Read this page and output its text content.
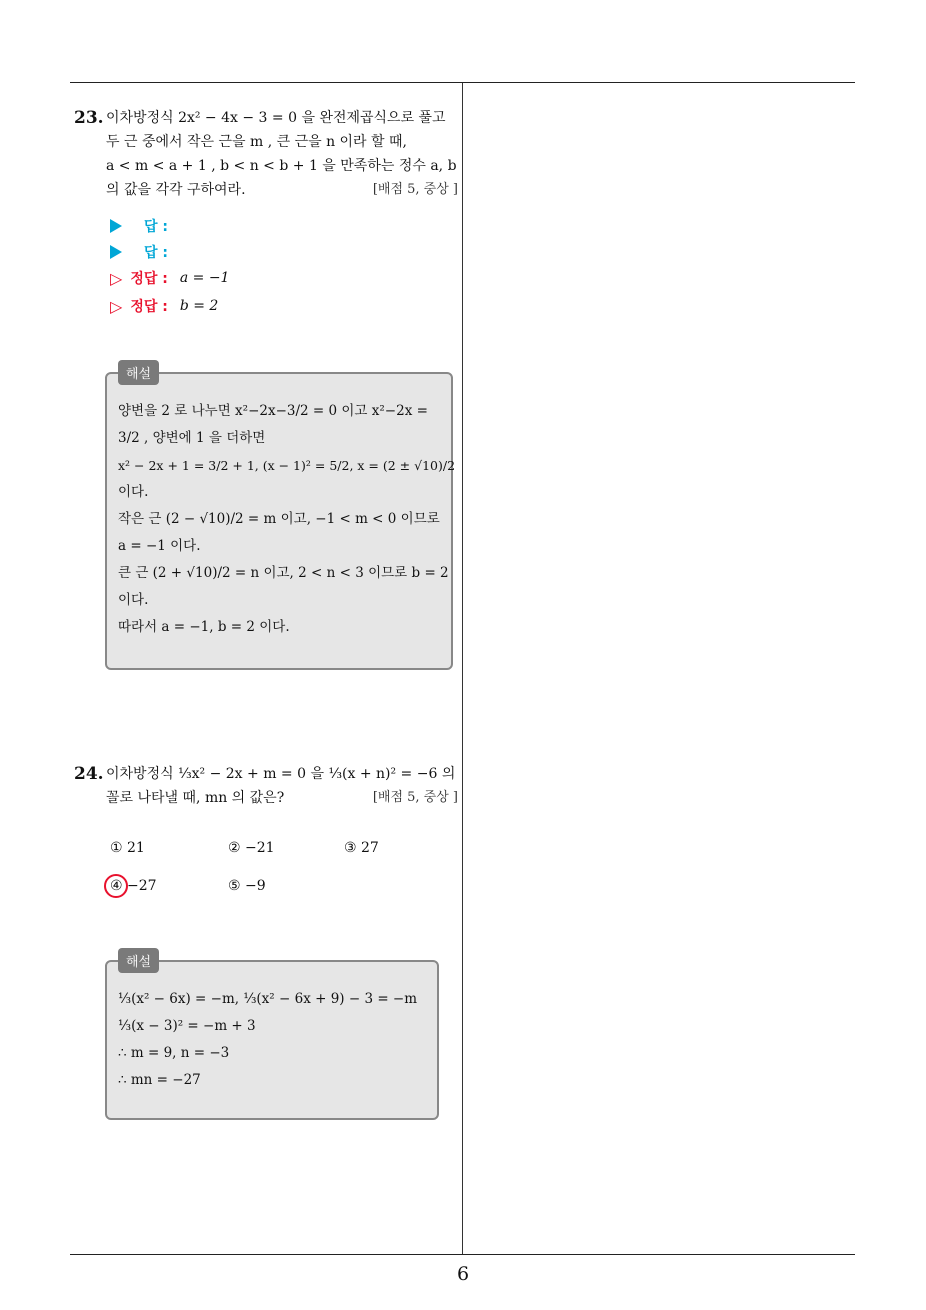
23. 이차방정식 2x² − 4x − 3 = 0 을 완전제곱식으로 풀고

두 근 중에서 작은 근을 m , 큰 근을 n 이라 할 때,

a < m < a + 1 , b < n < b + 1 을 만족하는 정수 a, b

의 값을 각각 구하여라.	[배점 5, 중상 ]

답 :
답 :
▷ 정답 : a = −1
▷ 정답 : b = 2
해설

양변을 2 로 나누면 x²−2x−3/2 = 0 이고 x²−2x =

3/2 , 양변에 1 을 더하면

x² − 2x + 1 = 3/2 + 1, (x − 1)² = 5/2, x = (2 ± √10)/2

이다.

작은 근 (2 − √10)/2 = m 이고, −1 < m < 0 이므로

a = −1 이다.

큰 근 (2 + √10)/2 = n 이고, 2 < n < 3 이므로 b = 2

이다.

따라서 a = −1, b = 2 이다.

24. 이차방정식 ⅓x² − 2x + m = 0 을 ⅓(x + n)² = −6 의

꼴로 나타낼 때, mn 의 값은?	[배점 5, 중상 ]

① 21	② −21	③ 27
④ −27	⑤ −9
해설

⅓(x² − 6x) = −m, ⅓(x² − 6x + 9) − 3 = −m

⅓(x − 3)² = −m + 3

∴ m = 9, n = −3

∴ mn = −27

6
